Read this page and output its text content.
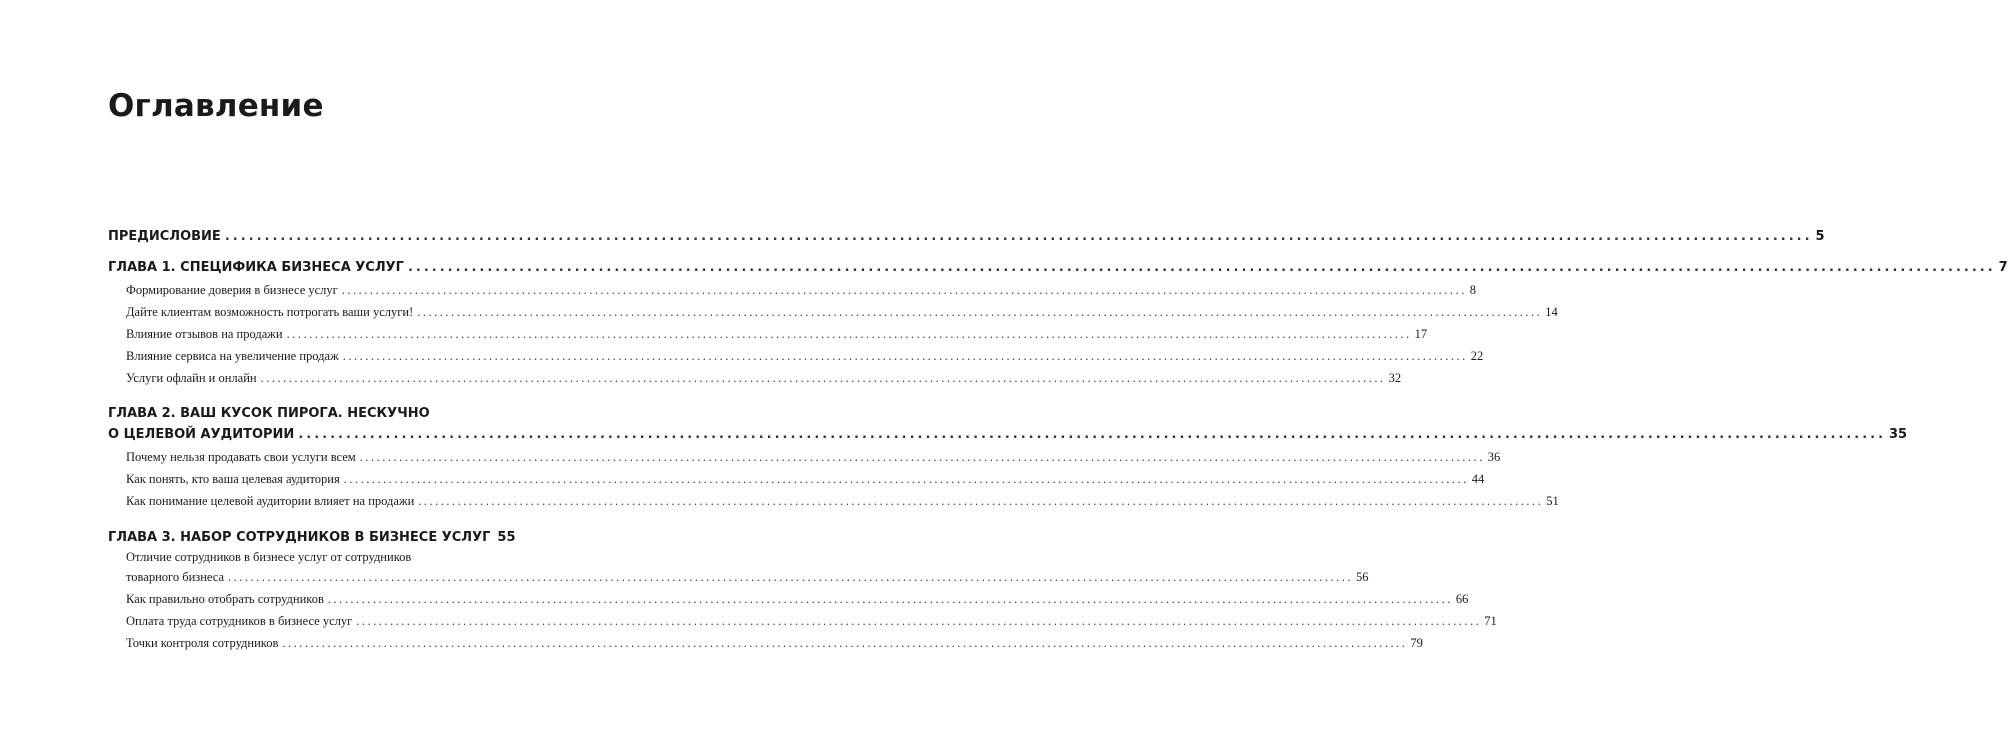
Оглавление
ПРЕДИСЛОВИЕ ........................................................................................................................................................................................................ 5
ГЛАВА 1. СПЕЦИФИКА БИЗНЕСА УСЛУГ ........................................................................................................................................................................................................ 7
Формирование доверия в бизнесе услуг ........................................................................................................................................................................................................ 8
Дайте клиентам возможность потрогать ваши услуги! ........................................................................................................................................................................................................ 14
Влияние отзывов на продажи ........................................................................................................................................................................................................ 17
Влияние сервиса на увеличение продаж ........................................................................................................................................................................................................ 22
Услуги офлайн и онлайн ........................................................................................................................................................................................................ 32
ГЛАВА 2. ВАШ КУСОК ПИРОГА. НЕСКУЧНО
О ЦЕЛЕВОЙ АУДИТОРИИ ........................................................................................................................................................................................................ 35
Почему нельзя продавать свои услуги всем ........................................................................................................................................................................................................ 36
Как понять, кто ваша целевая аудитория ........................................................................................................................................................................................................ 44
Как понимание целевой аудитории влияет на продажи ........................................................................................................................................................................................................ 51
ГЛАВА 3. НАБОР СОТРУДНИКОВ В БИЗНЕСЕ УСЛУГ 55
Отличие сотрудников в бизнесе услуг от сотрудников
товарного бизнеса ........................................................................................................................................................................................................ 56
Как правильно отобрать сотрудников ........................................................................................................................................................................................................ 66
Оплата труда сотрудников в бизнесе услуг ........................................................................................................................................................................................................ 71
Точки контроля сотрудников ........................................................................................................................................................................................................ 79
